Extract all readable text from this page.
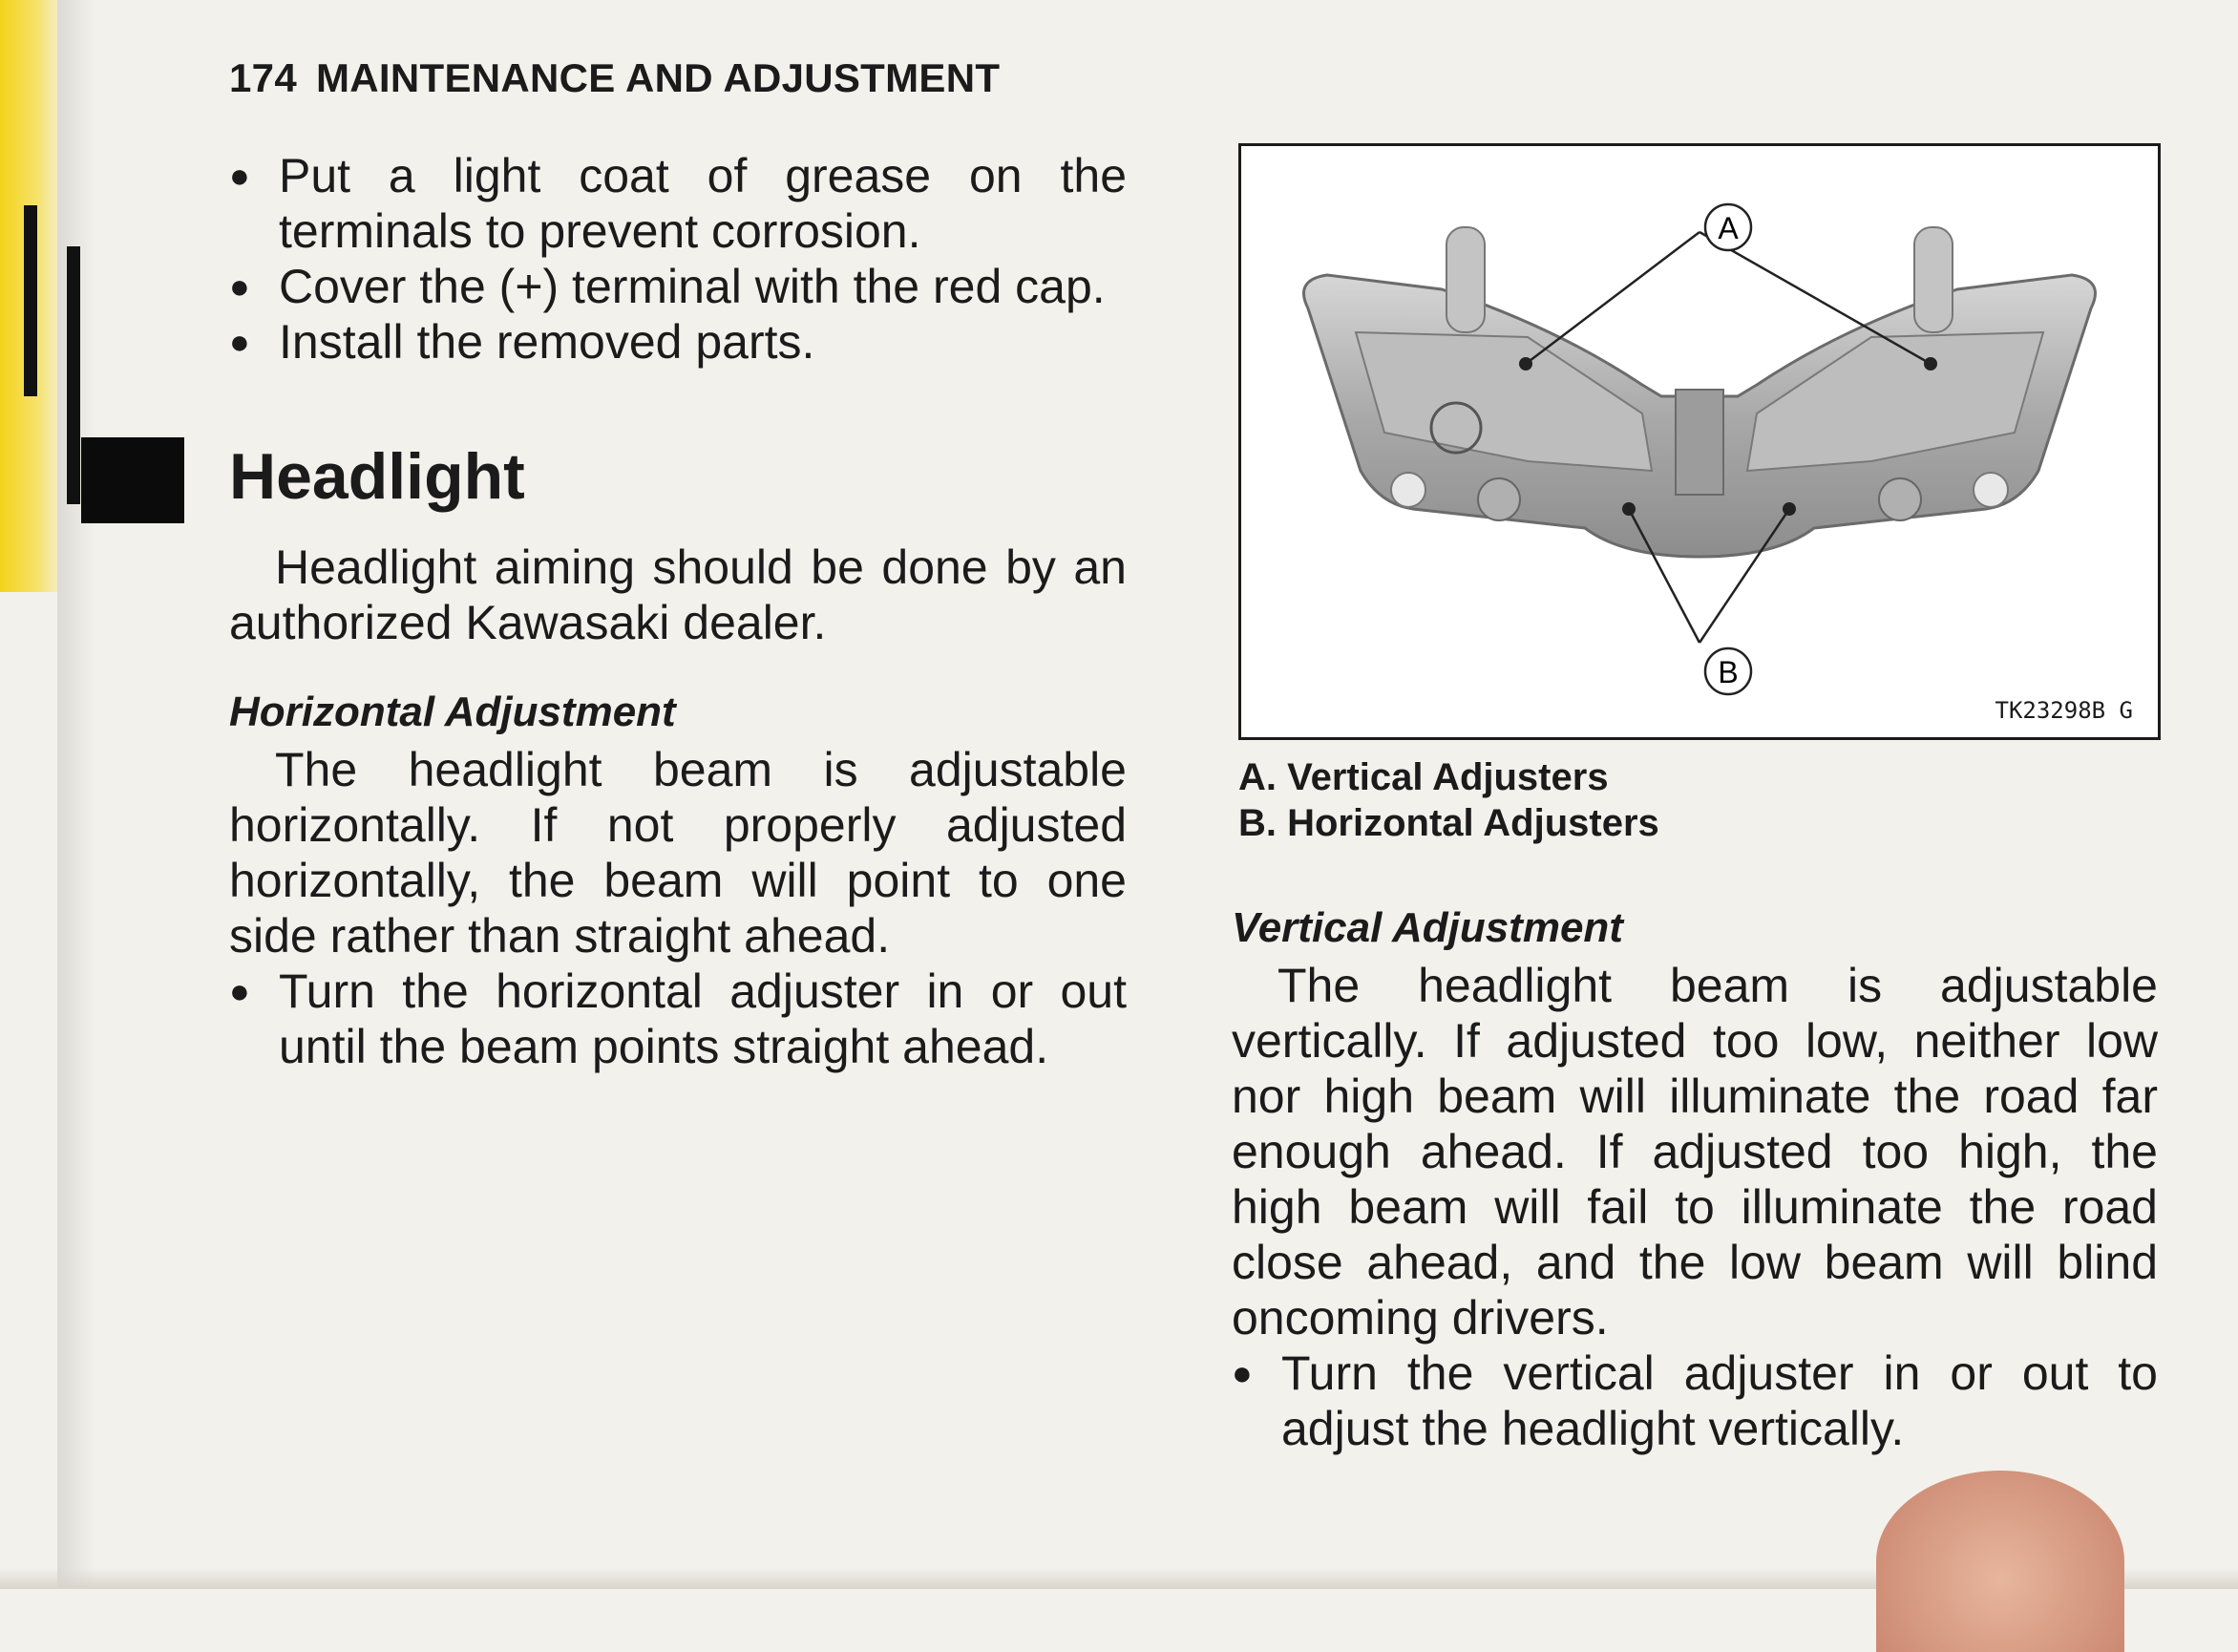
174 MAINTENANCE AND ADJUSTMENT
● Put a light coat of grease on the terminals to prevent corrosion.
● Cover the (+) terminal with the red cap.
● Install the removed parts.
Headlight

Headlight aiming should be done by an authorized Kawasaki dealer.

Horizontal Adjustment

The headlight beam is adjustable horizontally. If not properly adjusted horizontally, the beam will point to one side rather than straight ahead.

● Turn the horizontal adjuster in or out until the beam points straight ahead.
A
B
TK23298B G
A. Vertical Adjusters
B. Horizontal Adjusters
Vertical Adjustment

The headlight beam is adjustable vertically. If adjusted too low, neither low nor high beam will illuminate the road far enough ahead. If adjusted too high, the high beam will fail to illuminate the road close ahead, and the low beam will blind oncoming drivers.

● Turn the vertical adjuster in or out to adjust the headlight vertically.
